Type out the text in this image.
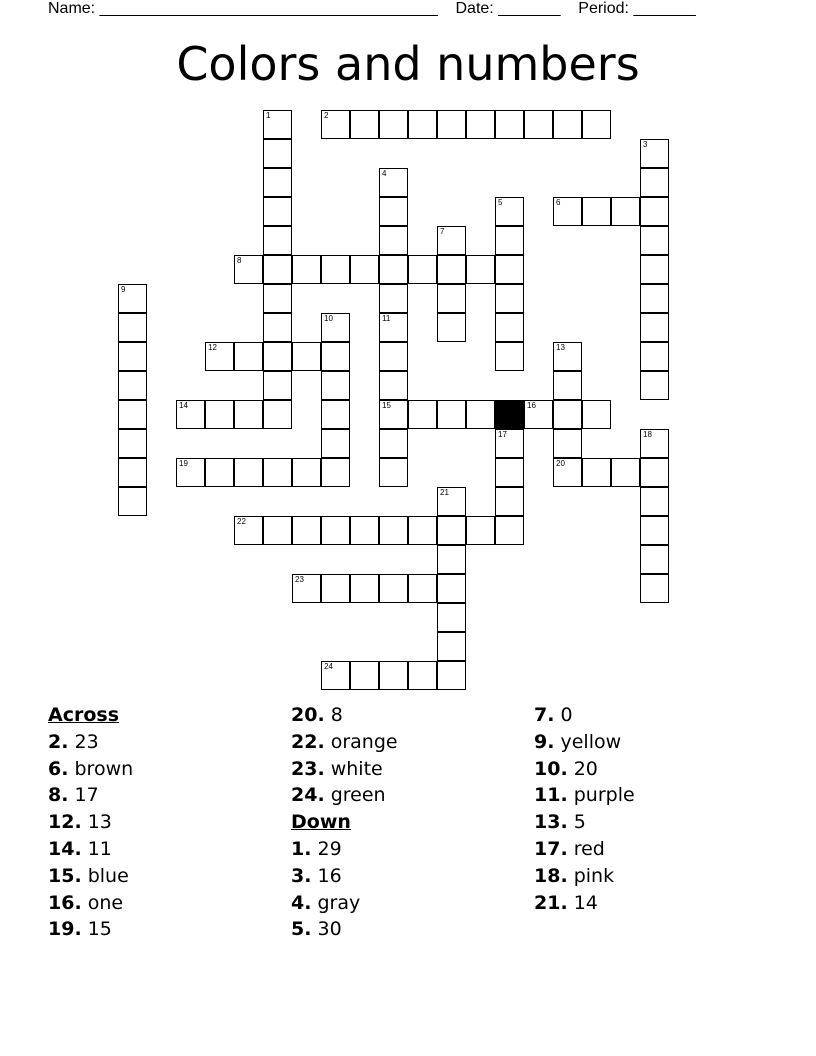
Name: ______________________________________ Date: _______ Period: _______
Colors and numbers
2
6
8
12
14	15	16
19	20
22
23
24
1
3
4
5
7
9
10	11
13
17	18
21
Across
2. 23
6. brown
8. 17
12. 13
14. 11
15. blue
16. one
19. 15
20. 8
22. orange
23. white
24. green
Down
1. 29
3. 16
4. gray
5. 30
7. 0
9. yellow
10. 20
11. purple
13. 5
17. red
18. pink
21. 14
